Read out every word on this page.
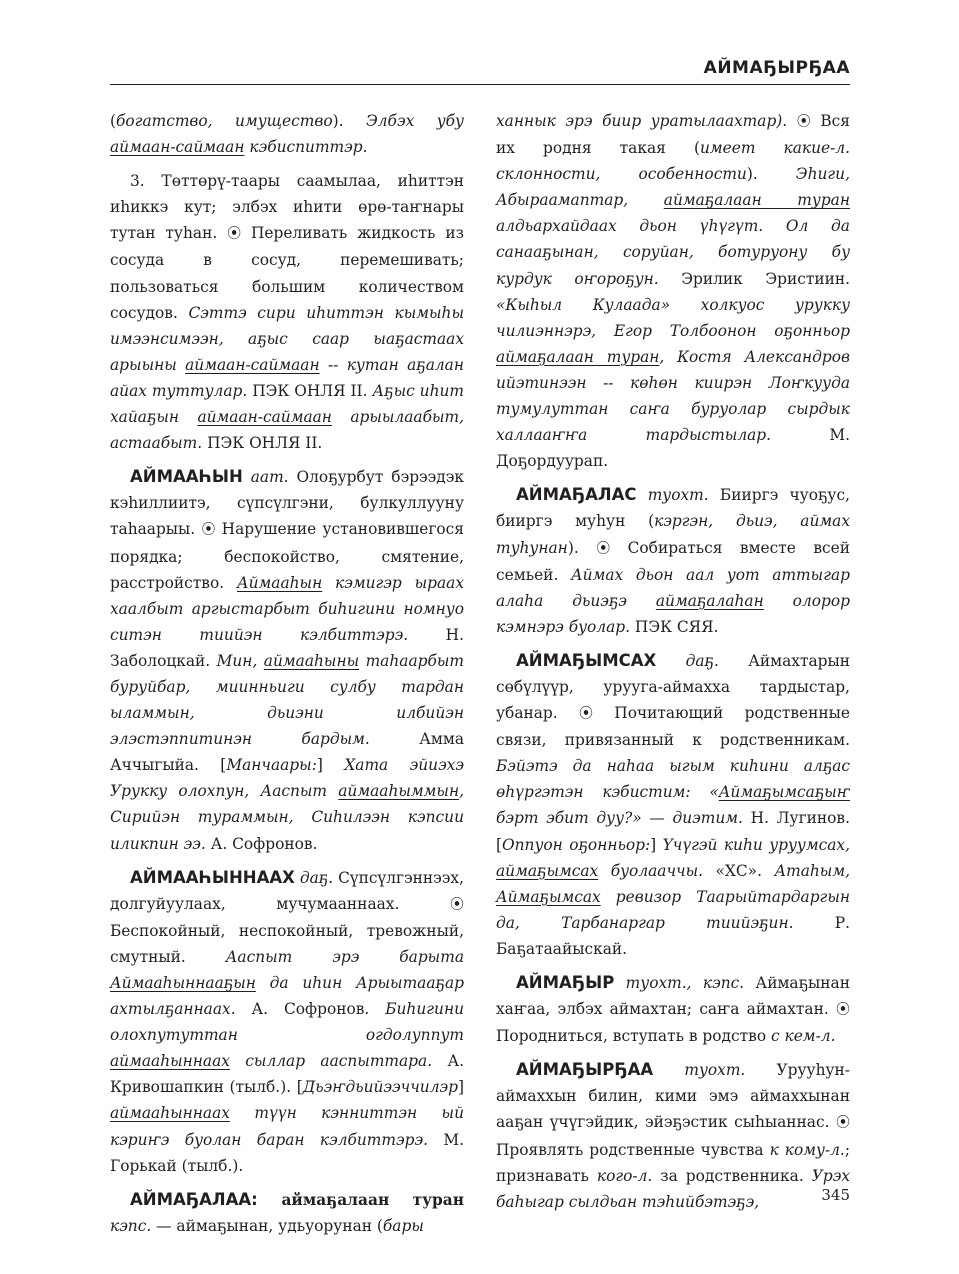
АЙМАҔЫРҔАА

(богатство, имущество). Элбэх убу аймаан-саймаан кэбиспиттэр.

3. Төттөрү-таары саамылаа, иһиттэн иһиккэ кут; элбэх иһити өрө-таҥнары тутан туһан. ⦿ Переливать жидкость из сосуда в сосуд, перемешивать; пользоваться большим количеством сосудов. Сэттэ сири иһиттэн кымыһы имээнсимээн, аҕыс саар ыаҕастаах арыыны аймаан-саймаан -- кутан аҕалан айах туттулар. ПЭК ОНЛЯ II. Аҕыс иһит хайаҕын аймаан-саймаан арыылаабыт, астаабыт. ПЭК ОНЛЯ II.

АЙМААҺЫН аат. Олоҕурбут бэрээдэк кэһиллиитэ, сүпсүлгэни, булкуллууну таһаарыы. ⦿ Нарушение установившегося порядка; беспокойство, смятение, расстройство. Аймааһын кэмигэр ыраах хаалбыт аргыстарбыт биһигини номнуо ситэн тиийэн кэлбиттэрэ. Н. Заболоцкай. Мин, аймааһыны таһаарбыт буруйбар, миинньиги сулбу тардан ыламмын, дьиэни илбийэн элэстэппитинэн бардым. Амма Аччыгыйа. [Манчаары:] Хата эйиэхэ Урукку олохпун, Ааспыт аймааһыммын, Сирийэн тураммын, Сиһилээн кэпсии иликпин ээ. А. Софронов.

АЙМААҺЫННААХ даҕ. Сүпсүлгэннээх, долгуйуулаах, мучумааннаах. ⦿ Беспокойный, неспокойный, тревожный, смутный. Ааспыт эрэ барыта Аймааһыннааҕын да иһин Арыытааҕар ахтылҕаннаах. А. Софронов. Биһигини олохпутуттан огдолуппут аймааһыннаах сыллар ааспыттара. А. Кривошапкин (тылб.). [Дьэҥдьийээччилэр] аймааһыннаах түүн кэнниттэн ый кэриҥэ буолан баран кэлбиттэрэ. М. Горькай (тылб.).

АЙМАҔАЛАА: аймаҕалаан туран кэпс. — аймаҕынан, удьуорунан (бары

ханнык эрэ биир уратылаахтар). ⦿ Вся их родня такая (имеет какие-л. склонности, особенности). Эһиги, Абыраамаптар, аймаҕалаан туран алдьархайдаах дьон үһүгүт. Ол да санааҕынан, соруйан, ботуруону бу курдук оҥороҕун. Эрилик Эристиин. «Кыһыл Кулаада» холкуос урукку чилиэннэрэ, Егор Толбоонон оҕонньор аймаҕалаан туран, Костя Александров ийэтинээн -- көһөн киирэн Лоҥкууда тумулуттан саҥа буруолар сырдык халлааҥҥа тардыстылар. М. Доҕордуурап.

АЙМАҔАЛАС туохт. Бииргэ чуоҕус, бииргэ муһун (кэргэн, дьиэ, аймах туһунан). ⦿ Собираться вместе всей семьей. Аймах дьон аал уот аттыгар алаһа дьиэҕэ аймаҕалаһан олорор кэмнэрэ буолар. ПЭК СЯЯ.

АЙМАҔЫМСАХ даҕ. Аймахтарын сөбүлүүр, урууга-аймахха тардыстар, убанар. ⦿ Почитающий родственные связи, привязанный к родственникам. Бэйэтэ да наһаа ыгым киһини алҕас өһүргэтэн кэбистим: «Аймаҕымсаҕыҥ бэрт эбит дуу?» — диэтим. Н. Лугинов. [Оппуон оҕонньор:] Үчүгэй киһи уруумсах, аймаҕымсах буолааччы. «ХС». Атаһым, Аймаҕымсах ревизор Таарыйтардаргын да, Тарбанаргар тиийэҕин. Р. Баҕатаайыскай.

АЙМАҔЫР туохт., кэпс. Аймаҕынан хаҥаа, элбэх аймахтан; саҥа аймахтан. ⦿ Породниться, вступать в родство с кем-л.

АЙМАҔЫРҔАА туохт. Урууһун-аймаххын билин, кими эмэ аймаххынан ааҕан үчүгэйдик, эйэҕэстик сыһыаннас. ⦿ Проявлять родственные чувства к кому-л.; признавать кого-л. за родственника. Урэх баһыгар сылдьан тэһийбэтэҕэ,	345
